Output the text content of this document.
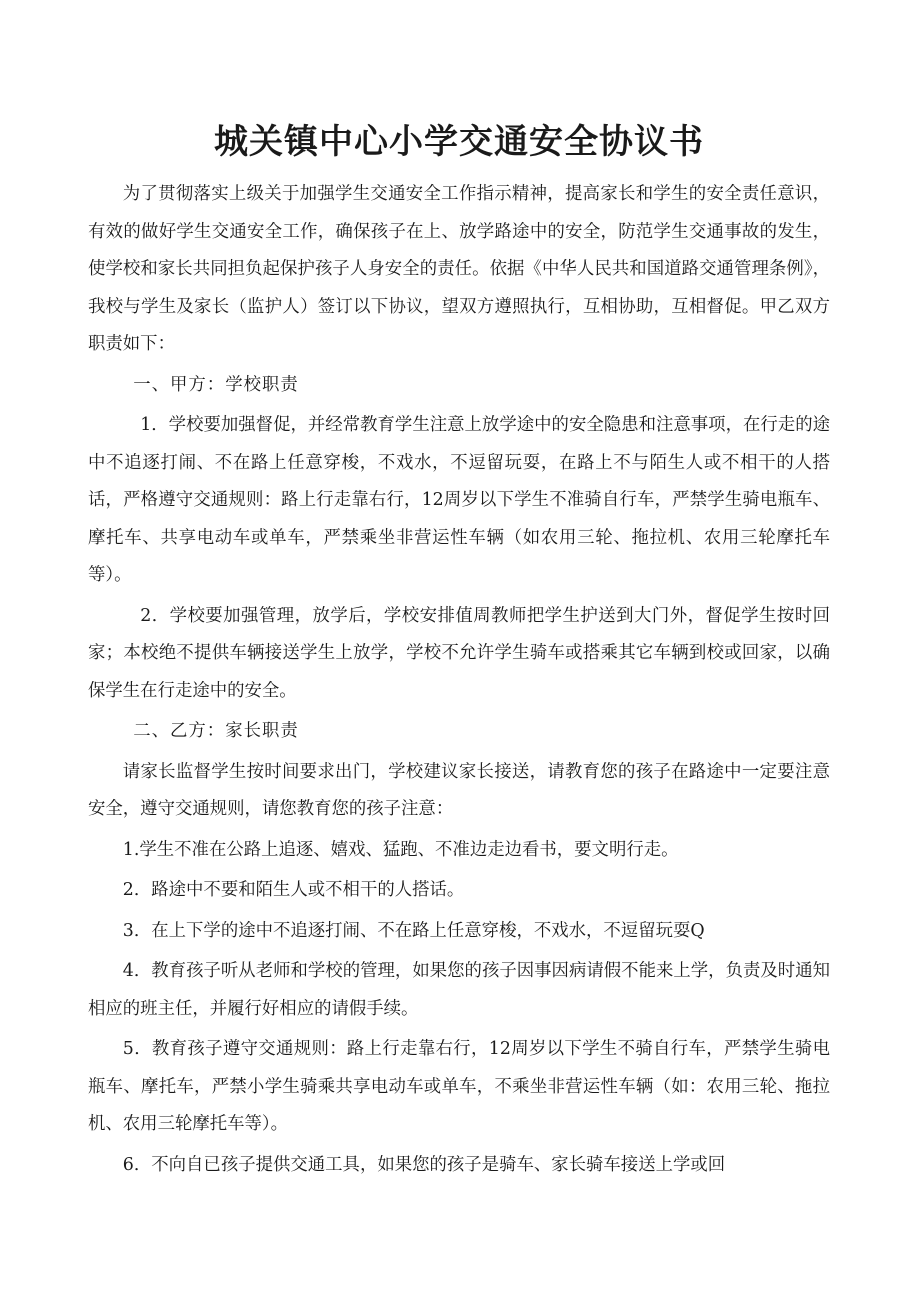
城关镇中心小学交通安全协议书

为了贯彻落实上级关于加强学生交通安全工作指示精神，提高家长和学生的安全责任意识，有效的做好学生交通安全工作，确保孩子在上、放学路途中的安全，防范学生交通事故的发生，使学校和家长共同担负起保护孩子人身安全的责任。依据《中华人民共和国道路交通管理条例》，我校与学生及家长（监护人）签订以下协议，望双方遵照执行，互相协助，互相督促。甲乙双方职责如下：

一、甲方：学校职责

1．学校要加强督促，并经常教育学生注意上放学途中的安全隐患和注意事项，在行走的途中不追逐打闹、不在路上任意穿梭，不戏水，不逗留玩耍，在路上不与陌生人或不相干的人搭话，严格遵守交通规则：路上行走靠右行，12周岁以下学生不准骑自行车，严禁学生骑电瓶车、摩托车、共享电动车或单车，严禁乘坐非营运性车辆（如农用三轮、拖拉机、农用三轮摩托车等）。

2．学校要加强管理，放学后，学校安排值周教师把学生护送到大门外，督促学生按时回家；本校绝不提供车辆接送学生上放学，学校不允许学生骑车或搭乘其它车辆到校或回家，以确保学生在行走途中的安全。

二、乙方：家长职责

请家长监督学生按时间要求出门，学校建议家长接送，请教育您的孩子在路途中一定要注意安全，遵守交通规则，请您教育您的孩子注意：

1.学生不准在公路上追逐、嬉戏、猛跑、不准边走边看书，要文明行走。

2．路途中不要和陌生人或不相干的人搭话。

3．在上下学的途中不追逐打闹、不在路上任意穿梭，不戏水，不逗留玩耍Q

4．教育孩子听从老师和学校的管理，如果您的孩子因事因病请假不能来上学，负责及时通知相应的班主任，并履行好相应的请假手续。

5．教育孩子遵守交通规则：路上行走靠右行，12周岁以下学生不骑自行车，严禁学生骑电瓶车、摩托车，严禁小学生骑乘共享电动车或单车，不乘坐非营运性车辆（如：农用三轮、拖拉机、农用三轮摩托车等）。

6．不向自已孩子提供交通工具，如果您的孩子是骑车、家长骑车接送上学或回
